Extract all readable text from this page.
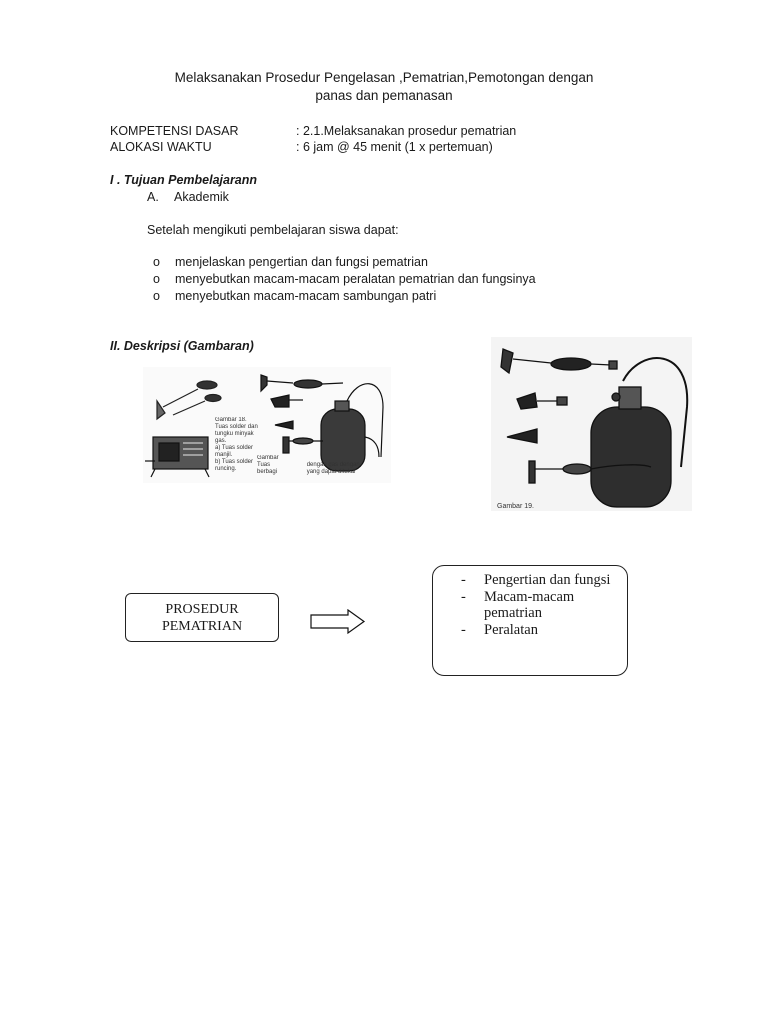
Melaksanakan Prosedur Pengelasan ,Pematrian,Pemotongan dengan
panas dan pemanasan
KOMPETENSI DASAR	: 2.1.Melaksanakan prosedur pematrian
ALOKASI WAKTU	: 6 jam @ 45 menit (1 x pertemuan)
I . Tujuan Pembelajarann
A. Akademik
Setelah mengikuti pembelajaran siswa dapat:
o menjelaskan pengertian dan fungsi pematrian
o menyebutkan macam-macam peralatan pematrian dan fungsinya
o menyebutkan macam-macam sambungan patri
II. Deskripsi (Gambaran)
Gambar 18.
Tuas solder dan
tungku minyak
gas.
a) Tuas solder
manjil.
b) Tuas solder
runcing.
Gambar
Tuas
berbagi
dengan gas dengan
yang dapat ditukar
Gambar 19.
PROSEDUR
PEMATRIAN
-	Pengertian dan fungsi
-	Macam-macam
pematrian
-	Peralatan
